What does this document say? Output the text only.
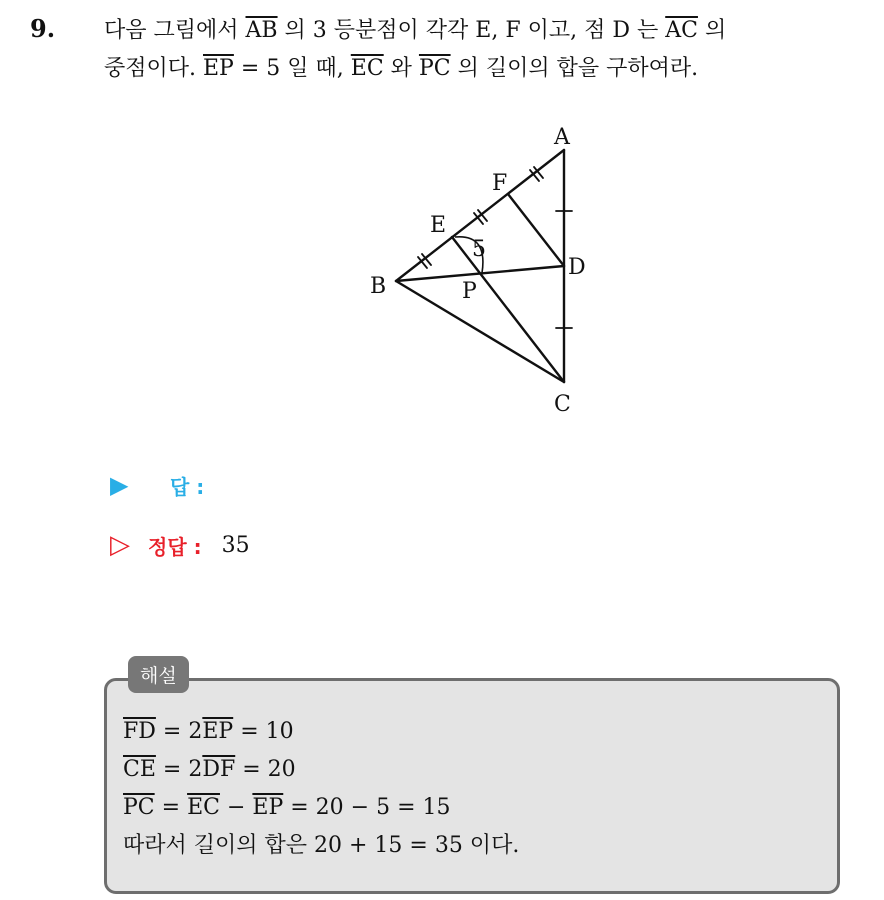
9. 다음 그림에서 $\overline{AB}$ 의 3 등분점이 각각 E, F 이고, 점 D 는 $\overline{AC}$ 의
중점이다. $\overline{EP} = 5$ 일 때, $\overline{EC}$ 와 $\overline{PC}$ 의 길이의 합을 구하여라.
A
F
E
5
D
B	P
C
▶	답 :
▷ 정답 : 35
해설
$\overline{FD} = 2\overline{EP} = 10$
$\overline{CE} = 2\overline{DF} = 20$
$\overline{PC} = \overline{EC} - \overline{EP} = 20 - 5 = 15$
따라서 길이의 합은 20 + 15 = 35 이다.
